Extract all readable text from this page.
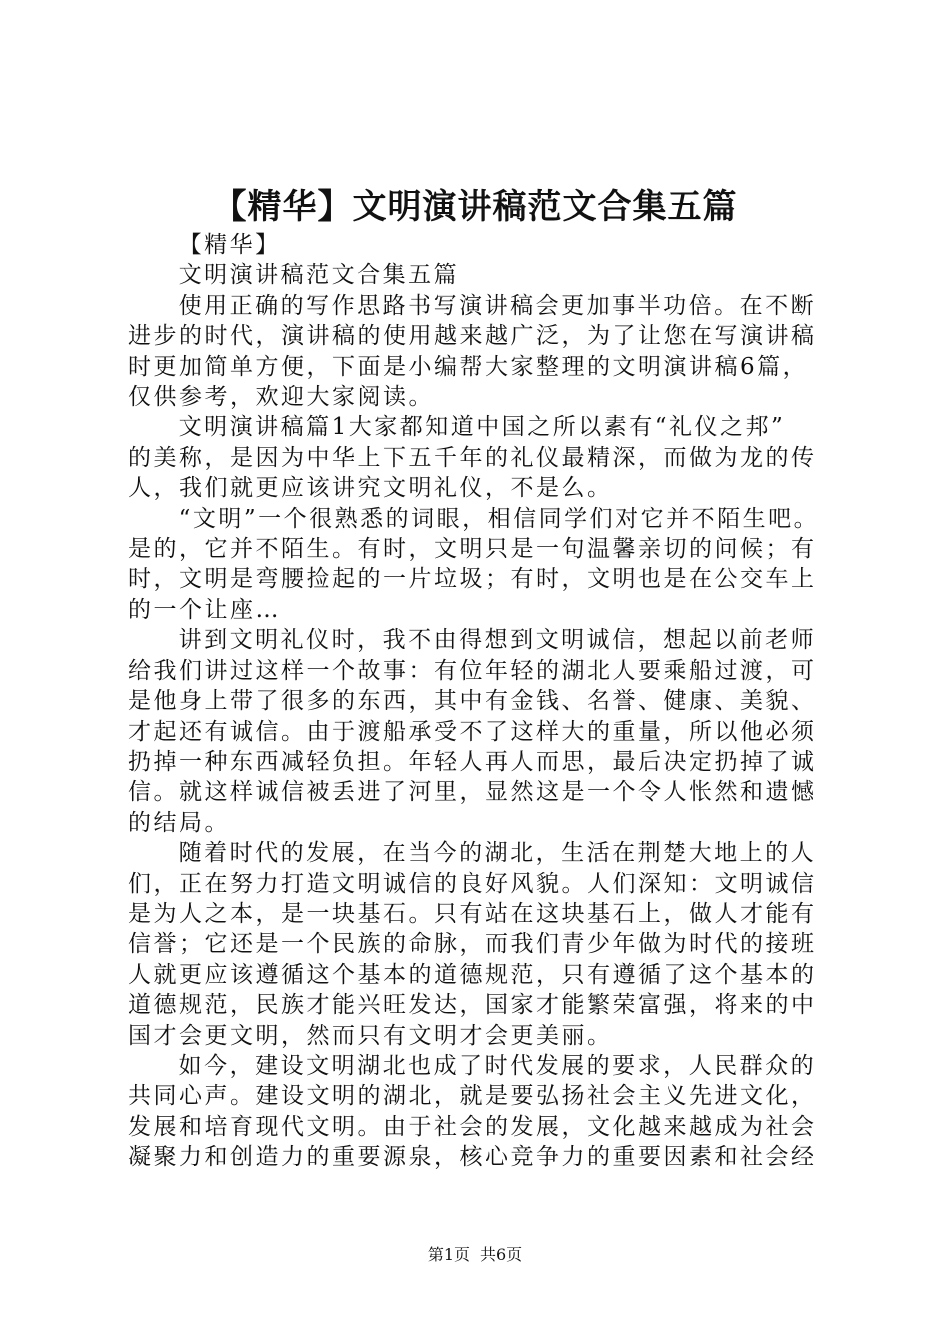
【精华】文明演讲稿范文合集五篇

【精华】

文明演讲稿范文合集五篇

使用正确的写作思路书写演讲稿会更加事半功倍。在不断

进步的时代，演讲稿的使用越来越广泛，为了让您在写演讲稿

时更加简单方便，下面是小编帮大家整理的文明演讲稿6篇，

仅供参考，欢迎大家阅读。

文明演讲稿篇1大家都知道中国之所以素有“礼仪之邦”

的美称，是因为中华上下五千年的礼仪最精深，而做为龙的传

人，我们就更应该讲究文明礼仪，不是么。

“文明”一个很熟悉的词眼，相信同学们对它并不陌生吧。

是的，它并不陌生。有时，文明只是一句温馨亲切的问候；有

时，文明是弯腰捡起的一片垃圾；有时，文明也是在公交车上

的一个让座…

讲到文明礼仪时，我不由得想到文明诚信，想起以前老师

给我们讲过这样一个故事：有位年轻的湖北人要乘船过渡，可

是他身上带了很多的东西，其中有金钱、名誉、健康、美貌、

才起还有诚信。由于渡船承受不了这样大的重量，所以他必须

扔掉一种东西减轻负担。年轻人再人而思，最后决定扔掉了诚

信。就这样诚信被丢进了河里，显然这是一个令人怅然和遗憾

的结局。

随着时代的发展，在当今的湖北，生活在荆楚大地上的人

们，正在努力打造文明诚信的良好风貌。人们深知：文明诚信

是为人之本，是一块基石。只有站在这块基石上，做人才能有

信誉；它还是一个民族的命脉，而我们青少年做为时代的接班

人就更应该遵循这个基本的道德规范，只有遵循了这个基本的

道德规范，民族才能兴旺发达，国家才能繁荣富强，将来的中

国才会更文明，然而只有文明才会更美丽。

如今，建设文明湖北也成了时代发展的要求，人民群众的

共同心声。建设文明的湖北，就是要弘扬社会主义先进文化，

发展和培育现代文明。由于社会的发展，文化越来越成为社会

凝聚力和创造力的重要源泉，核心竞争力的重要因素和社会经

第1页 共6页
